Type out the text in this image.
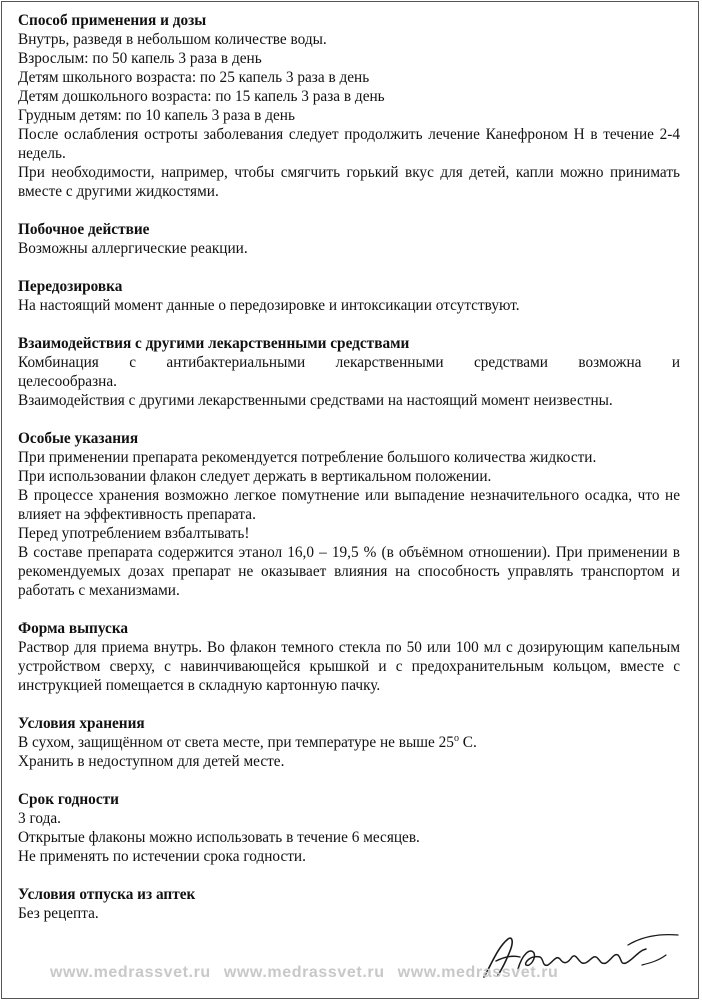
Способ применения и дозы

Внутрь, разведя в небольшом количестве воды.

Взрослым: по 50 капель 3 раза в день

Детям школьного возраста: по 25 капель 3 раза в день

Детям дошкольного возраста: по 15 капель 3 раза в день

Грудным детям: по 10 капель 3 раза в день

После ослабления остроты заболевания следует продолжить лечение Канефроном Н в течение 2-4 недель.

При необходимости, например, чтобы смягчить горький вкус для детей, капли можно принимать вместе с другими жидкостями.

Побочное действие

Возможны аллергические реакции.

Передозировка

На настоящий момент данные о передозировке и интоксикации отсутствуют.

Взаимодействия с другими лекарственными средствами

Комбинация с антибактериальными лекарственными средствами возможна и

целесообразна.

Взаимодействия с другими лекарственными средствами на настоящий момент неизвестны.

Особые указания

При применении препарата рекомендуется потребление большого количества жидкости.

При использовании флакон следует держать в вертикальном положении.

В процессе хранения возможно легкое помутнение или выпадение незначительного осадка, что не влияет на эффективность препарата.

Перед употреблением взбалтывать!

В составе препарата содержится этанол 16,0 – 19,5 % (в объёмном отношении). При применении в рекомендуемых дозах препарат не оказывает влияния на способность управлять транспортом и работать с механизмами.

Форма выпуска

Раствор для приема внутрь. Во флакон темного стекла по 50 или 100 мл с дозирующим капельным устройством сверху, с навинчивающейся крышкой и с предохранительным кольцом, вместе с инструкцией помещается в складную картонную пачку.

Условия хранения

В сухом, защищённом от света месте, при температуре не выше $25^о$ С.

Хранить в недоступном для детей месте.

Срок годности

3 года.

Открытые флаконы можно использовать в течение 6 месяцев.

Не применять по истечении срока годности.

Условия отпуска из аптек

Без рецепта.

www.medrassvet.ru www.medrassvet.ru www.medrassvet.ru
